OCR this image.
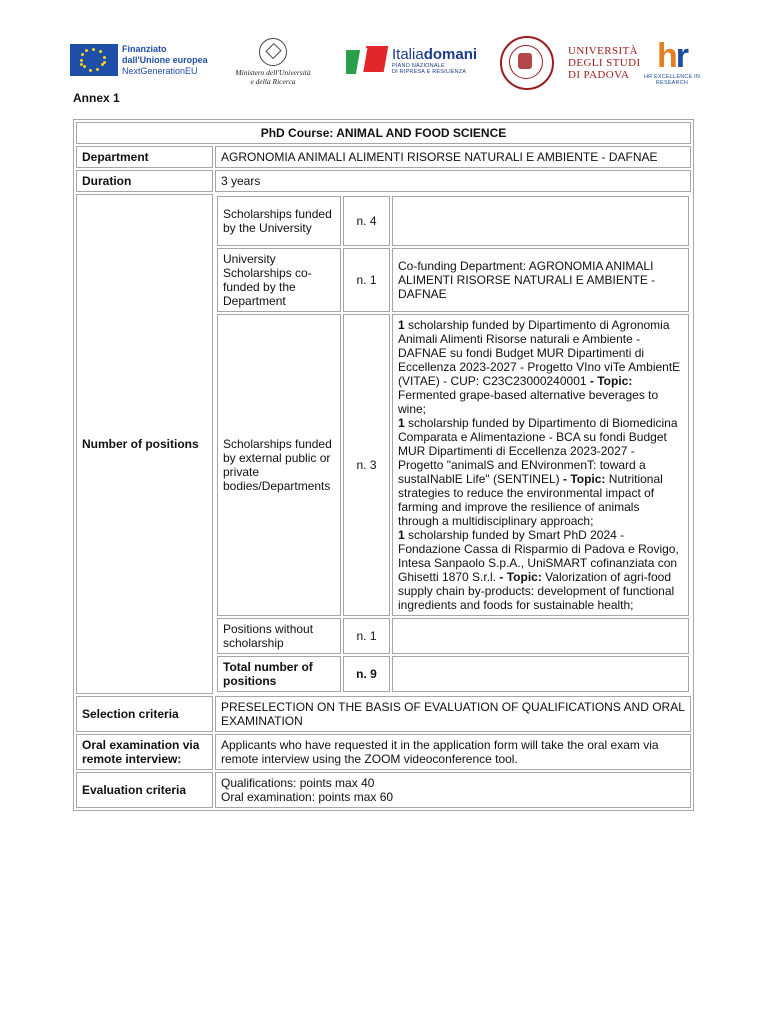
Finanziato
dall'Unione europea
NextGenerationEU	Ministero dell'Università
e della Ricerca
Italiadomani
PIANO NAZIONALE
DI RIPRESA E RESILIENZA
UNIVERSITÀ
DEGLI STUDI
DI PADOVA hr
HR EXCELLENCE IN RESEARCH
Annex 1
PhD Course: ANIMAL AND FOOD SCIENCE
Department	AGRONOMIA ANIMALI ALIMENTI RISORSE NATURALI E AMBIENTE - DAFNAE
Duration	3 years
Number of positions	
Scholarships funded by the University	n. 4	
University Scholarships co-funded by the Department	n. 1	Co-funding Department: AGRONOMIA ANIMALI ALIMENTI RISORSE NATURALI E AMBIENTE - DAFNAE
Scholarships funded by external public or private bodies/Departments	n. 3	

1 scholarship funded by Dipartimento di Agronomia Animali Alimenti Risorse naturali e Ambiente - DAFNAE su fondi Budget MUR Dipartimenti di Eccellenza 2023-2027 - Progetto VIno viTe AmbientE (VITAE) - CUP: C23C23000240001 - Topic: Fermented grape-based alternative beverages to wine;

1 scholarship funded by Dipartimento di Biomedicina Comparata e Alimentazione - BCA su fondi Budget MUR Dipartimenti di Eccellenza 2023-2027 - Progetto "animalS and ENvironmenT: toward a sustaINablE Life" (SENTINEL) - Topic: Nutritional strategies to reduce the environmental impact of farming and improve the resilience of animals through a multidisciplinary approach;

1 scholarship funded by Smart PhD 2024 - Fondazione Cassa di Risparmio di Padova e Rovigo, Intesa Sanpaolo S.p.A., UniSMART cofinanziata con Ghisetti 1870 S.r.l. - Topic: Valorization of agri-food supply chain by-products: development of functional ingredients and foods for sustainable health;

Positions without scholarship	n. 1	
Total number of positions	n. 9	

Selection criteria	PRESELECTION ON THE BASIS OF EVALUATION OF QUALIFICATIONS AND ORAL EXAMINATION
Oral examination via remote interview:	Applicants who have requested it in the application form will take the oral exam via remote interview using the ZOOM videoconference tool.
Evaluation criteria	Qualifications: points max 40
Oral examination: points max 60
